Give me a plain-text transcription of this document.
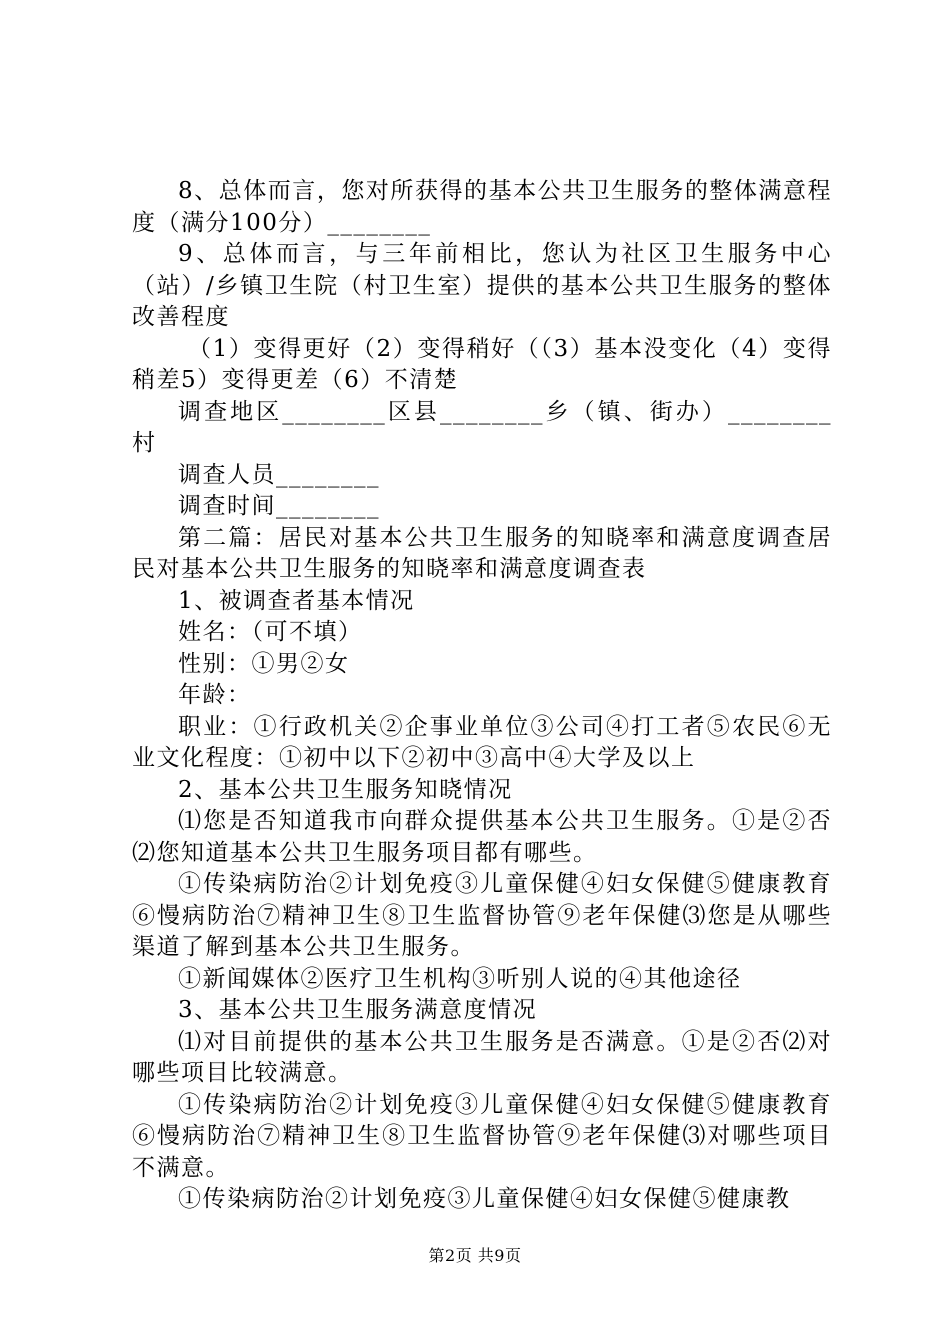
8、总体而言，您对所获得的基本公共卫生服务的整体满意程度（满分100分）________

9、总体而言，与三年前相比，您认为社区卫生服务中心（站）/乡镇卫生院（村卫生室）提供的基本公共卫生服务的整体改善程度

（1）变得更好（2）变得稍好（（3）基本没变化（4）变得稍差5）变得更差（6）不清楚

调查地区________区县________乡（镇、街办）________村

调查人员________

调查时间________

第二篇：居民对基本公共卫生服务的知晓率和满意度调查居民对基本公共卫生服务的知晓率和满意度调查表

1、被调查者基本情况

姓名：（可不填）

性别：①男②女

年龄：

职业：①行政机关②企事业单位③公司④打工者⑤农民⑥无业文化程度：①初中以下②初中③高中④大学及以上

2、基本公共卫生服务知晓情况

⑴您是否知道我市向群众提供基本公共卫生服务。①是②否⑵您知道基本公共卫生服务项目都有哪些。

①传染病防治②计划免疫③儿童保健④妇女保健⑤健康教育⑥慢病防治⑦精神卫生⑧卫生监督协管⑨老年保健⑶您是从哪些渠道了解到基本公共卫生服务。

①新闻媒体②医疗卫生机构③听别人说的④其他途径

3、基本公共卫生服务满意度情况

⑴对目前提供的基本公共卫生服务是否满意。①是②否⑵对哪些项目比较满意。

①传染病防治②计划免疫③儿童保健④妇女保健⑤健康教育⑥慢病防治⑦精神卫生⑧卫生监督协管⑨老年保健⑶对哪些项目不满意。

①传染病防治②计划免疫③儿童保健④妇女保健⑤健康教

第2页 共9页
